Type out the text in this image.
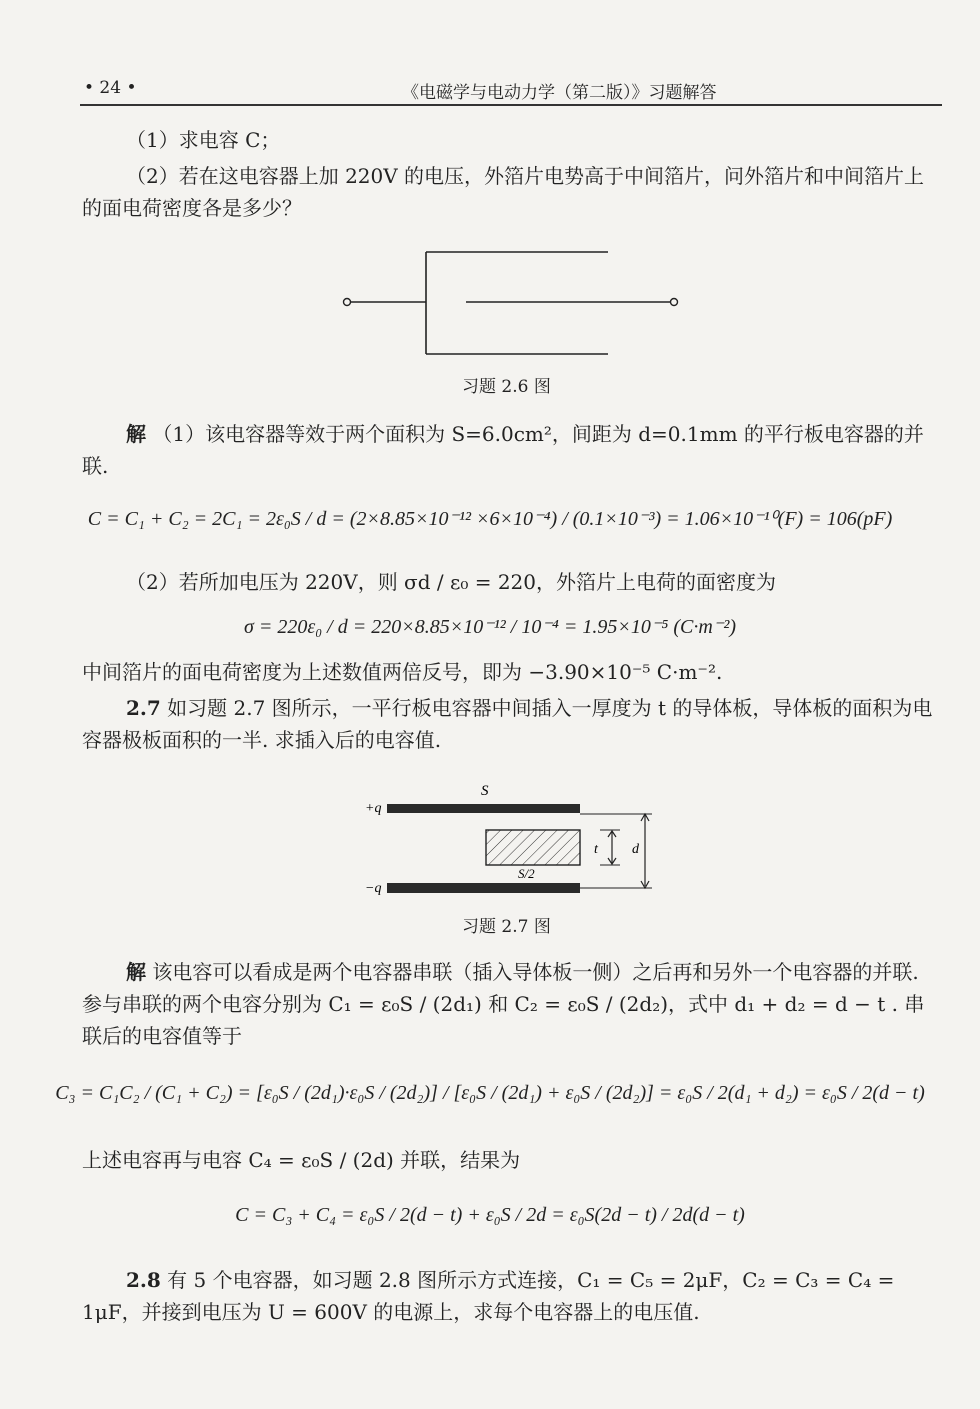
• 24 •	《电磁学与电动力学（第二版）》习题解答
（1）求电容 C；
（2）若在这电容器上加 220V 的电压，外箔片电势高于中间箔片，问外箔片和中间箔片上的面电荷密度各是多少？
习题 2.6 图
解 （1）该电容器等效于两个面积为 S=6.0cm²，间距为 d=0.1mm 的平行板电容器的并联.
C = C₁ + C₂ = 2C₁ = 2ε₀S / d = (2×8.85×10⁻¹² ×6×10⁻⁴) / (0.1×10⁻³) = 1.06×10⁻¹⁰(F) = 106(pF)
（2）若所加电压为 220V，则 σd / ε₀ = 220，外箔片上电荷的面密度为
σ = 220ε₀ / d = 220×8.85×10⁻¹² / 10⁻⁴ = 1.95×10⁻⁵ (C·m⁻²)
中间箔片的面电荷密度为上述数值两倍反号，即为 −3.90×10⁻⁵ C·m⁻².
2.7 如习题 2.7 图所示，一平行板电容器中间插入一厚度为 t 的导体板，导体板的面积为电容器极板面积的一半. 求插入后的电容值.
S
+q
t d
S/2
−q
习题 2.7 图
解 该电容可以看成是两个电容器串联（插入导体板一侧）之后再和另外一个电容器的并联. 参与串联的两个电容分别为 C₁ = ε₀S / (2d₁) 和 C₂ = ε₀S / (2d₂)，式中 d₁ + d₂ = d − t . 串联后的电容值等于
C₃ = C₁C₂ / (C₁ + C₂) = [ε₀S / (2d₁)·ε₀S / (2d₂)] / [ε₀S / (2d₁) + ε₀S / (2d₂)] = ε₀S / 2(d₁ + d₂) = ε₀S / 2(d − t)
上述电容再与电容 C₄ = ε₀S / (2d) 并联，结果为
C = C₃ + C₄ = ε₀S / 2(d − t) + ε₀S / 2d = ε₀S(2d − t) / 2d(d − t)
2.8 有 5 个电容器，如习题 2.8 图所示方式连接，C₁ = C₅ = 2μF，C₂ = C₃ = C₄ = 1μF，并接到电压为 U = 600V 的电源上，求每个电容器上的电压值.
